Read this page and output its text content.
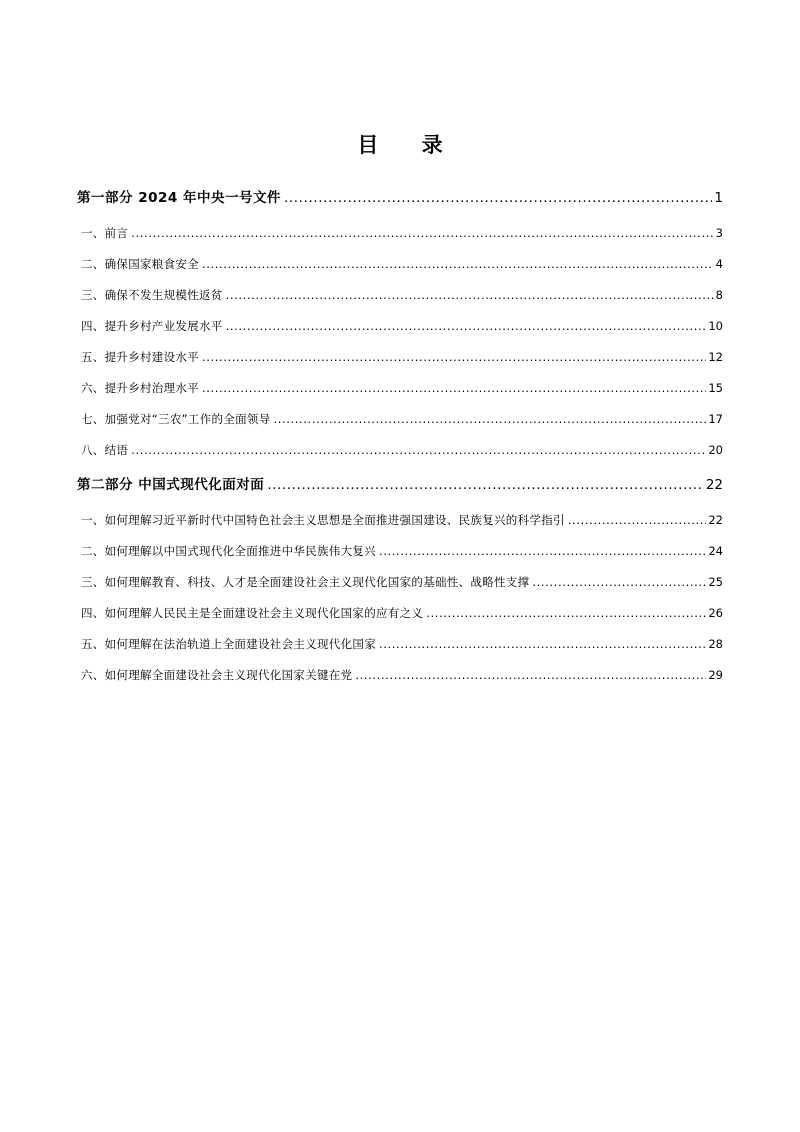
目 录
第一部分 2024 年中央一号文件 .....	1
一、前言 .....	3
二、确保国家粮食安全 .....	4
三、确保不发生规模性返贫 .....	8
四、提升乡村产业发展水平 .....	10
五、提升乡村建设水平 .....	12
六、提升乡村治理水平 .....	15
七、加强党对“三农”工作的全面领导 .....	17
八、结语 .....	20
第二部分 中国式现代化面对面 .....	22
一、如何理解习近平新时代中国特色社会主义思想是全面推进强国建设、民族复兴的科学指引 .....	22
二、如何理解以中国式现代化全面推进中华民族伟大复兴 .....	24
三、如何理解教育、科技、人才是全面建设社会主义现代化国家的基础性、战略性支撑 .....	25
四、如何理解人民民主是全面建设社会主义现代化国家的应有之义 .....	26
五、如何理解在法治轨道上全面建设社会主义现代化国家 .....	28
六、如何理解全面建设社会主义现代化国家关键在党 .....	29
